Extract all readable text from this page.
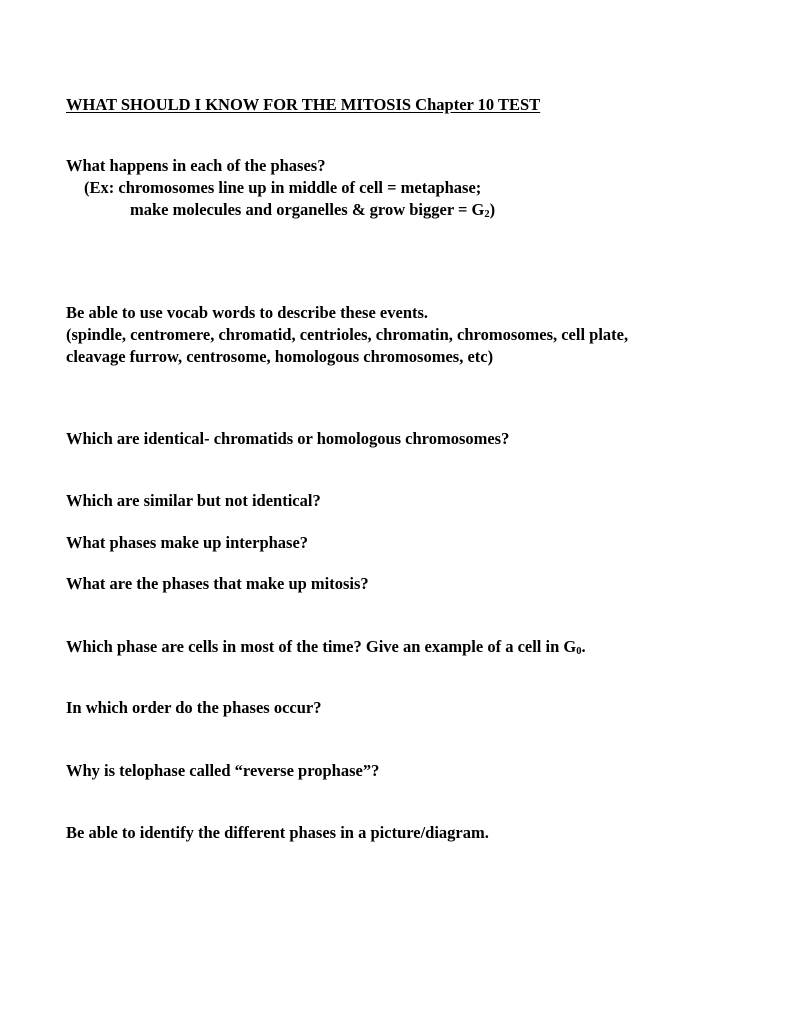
WHAT SHOULD I KNOW FOR THE MITOSIS Chapter 10 TEST

What happens in each of the phases?

(Ex: chromosomes line up in middle of cell = metaphase;

make molecules and organelles & grow bigger = G2)

Be able to use vocab words to describe these events.

(spindle, centromere, chromatid, centrioles, chromatin, chromosomes, cell plate,

cleavage furrow, centrosome, homologous chromosomes, etc)

Which are identical- chromatids or homologous chromosomes?

Which are similar but not identical?

What phases make up interphase?

What are the phases that make up mitosis?

Which phase are cells in most of the time? Give an example of a cell in G0.

In which order do the phases occur?

Why is telophase called “reverse prophase”?

Be able to identify the different phases in a picture/diagram.
